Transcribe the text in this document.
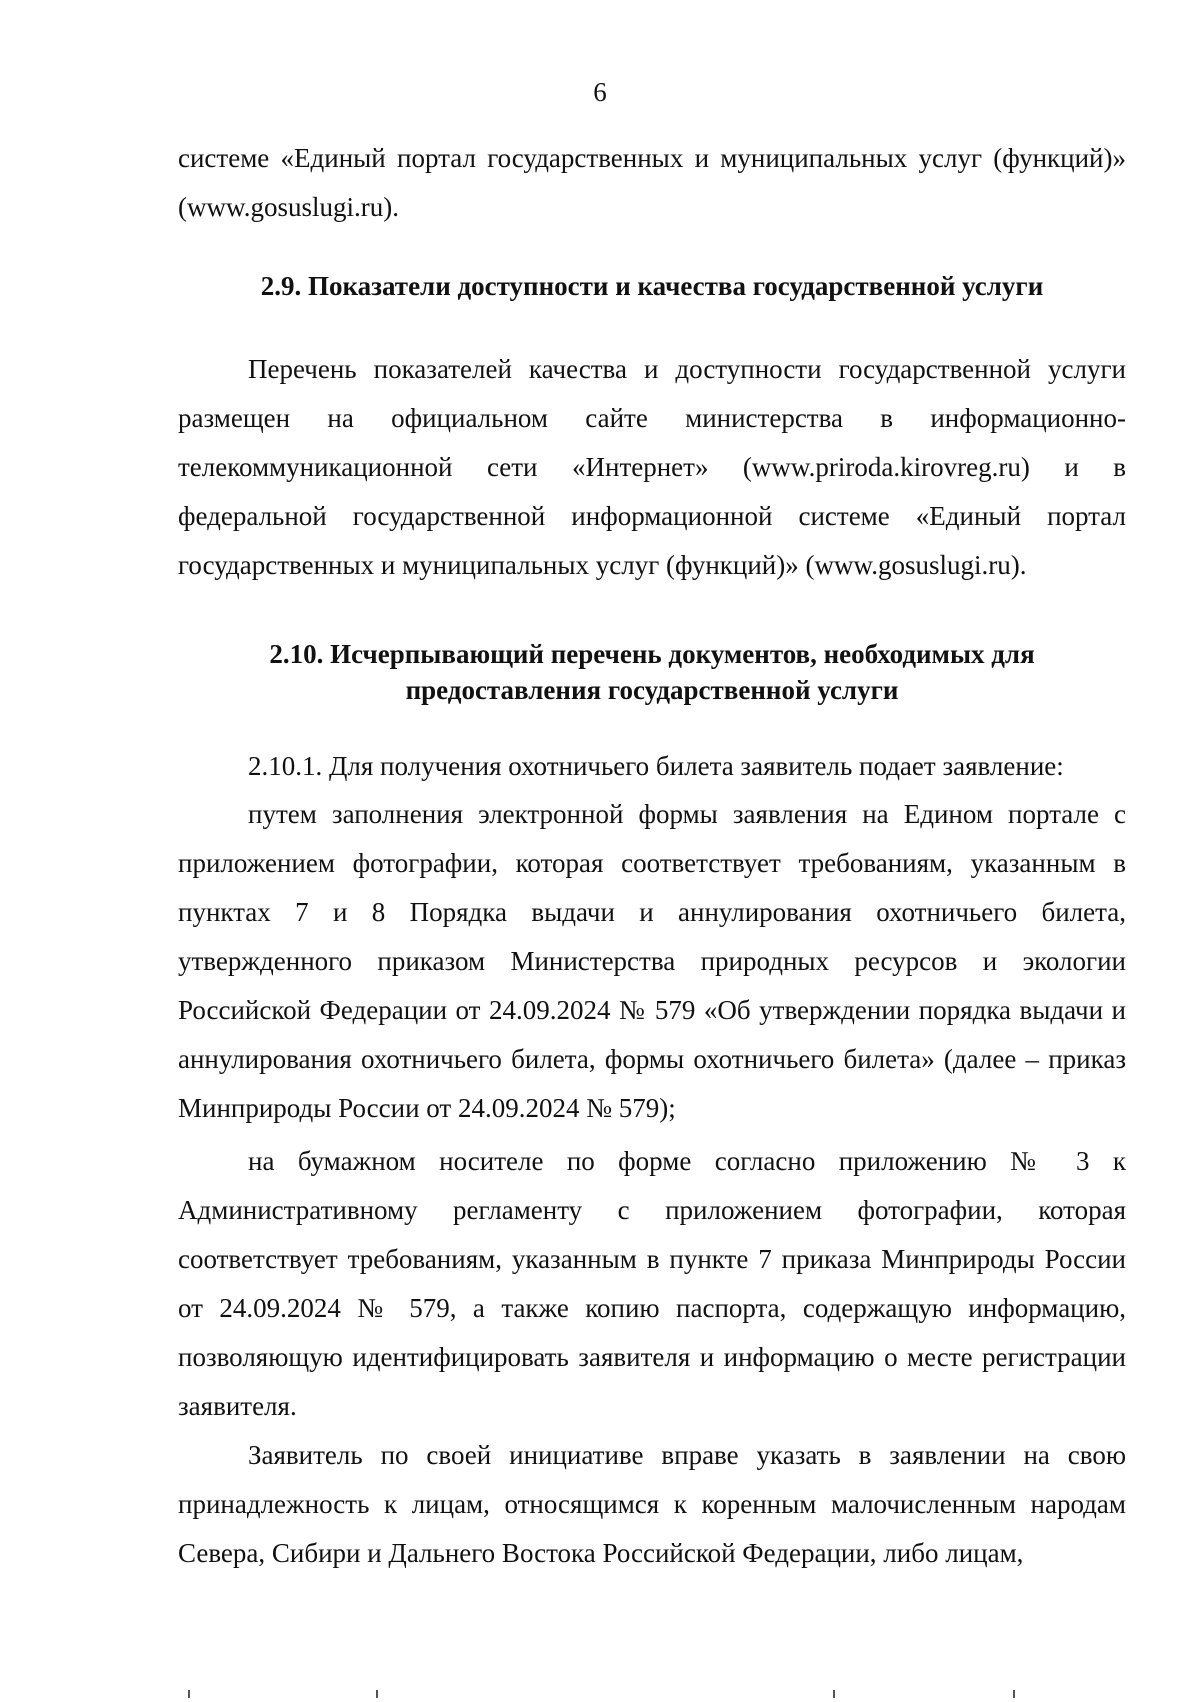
6
системе «Единый портал государственных и муниципальных услуг (функций)» (www.gosuslugi.ru).
2.9. Показатели доступности и качества государственной услуги
Перечень показателей качества и доступности государственной услуги размещен на официальном сайте министерства в информационно-телекоммуникационной сети «Интернет» (www.priroda.kirovreg.ru) и в федеральной государственной информационной системе «Единый портал государственных и муниципальных услуг (функций)» (www.gosuslugi.ru).
2.10. Исчерпывающий перечень документов, необходимых для предоставления государственной услуги
2.10.1. Для получения охотничьего билета заявитель подает заявление:
путем заполнения электронной формы заявления на Едином портале с приложением фотографии, которая соответствует требованиям, указанным в пунктах 7 и 8 Порядка выдачи и аннулирования охотничьего билета, утвержденного приказом Министерства природных ресурсов и экологии Российской Федерации от 24.09.2024 № 579 «Об утверждении порядка выдачи и аннулирования охотничьего билета, формы охотничьего билета» (далее – приказ Минприроды России от 24.09.2024 № 579);
на бумажном носителе по форме согласно приложению № 3 к Административному регламенту с приложением фотографии, которая соответствует требованиям, указанным в пункте 7 приказа Минприроды России от 24.09.2024 № 579, а также копию паспорта, содержащую информацию, позволяющую идентифицировать заявителя и информацию о месте регистрации заявителя.
Заявитель по своей инициативе вправе указать в заявлении на свою принадлежность к лицам, относящимся к коренным малочисленным народам Севера, Сибири и Дальнего Востока Российской Федерации, либо лицам,
